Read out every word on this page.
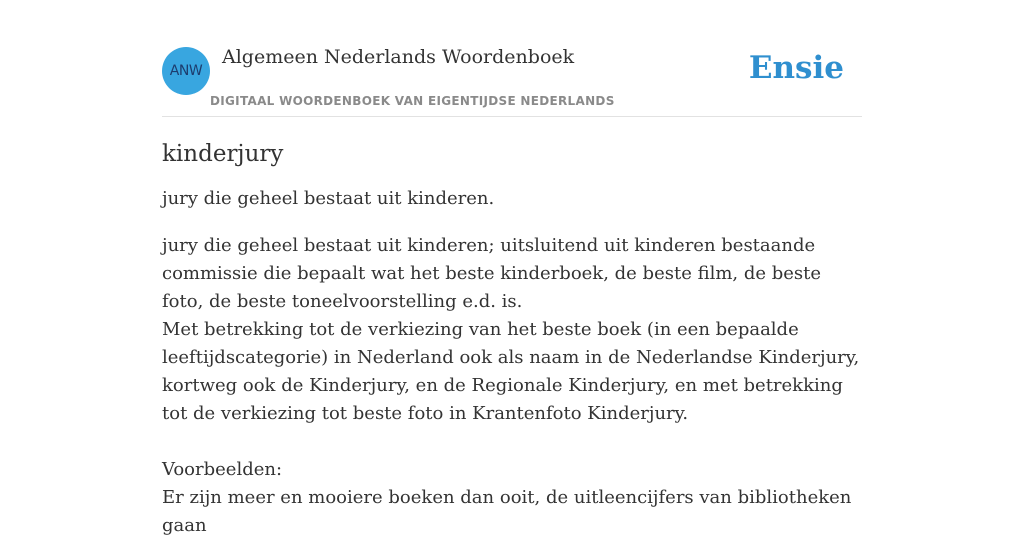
ANW
Algemeen Nederlands Woordenboek
DIGITAAL WOORDENBOEK VAN EIGENTIJDSE NEDERLANDS
Ensie
kinderjury

jury die geheel bestaat uit kinderen.

jury die geheel bestaat uit kinderen; uitsluitend uit kinderen bestaande commissie die bepaalt wat het beste kinderboek, de beste film, de beste foto, de beste toneelvoorstelling e.d. is.

Met betrekking tot de verkiezing van het beste boek (in een bepaalde leeftijdscategorie) in Nederland ook als naam in de Nederlandse Kinderjury, kortweg ook de Kinderjury, en de Regionale Kinderjury, en met betrekking tot de verkiezing tot beste foto in Krantenfoto Kinderjury.

Voorbeelden:

Er zijn meer en mooiere boeken dan ooit, de uitleencijfers van bibliotheken gaan
